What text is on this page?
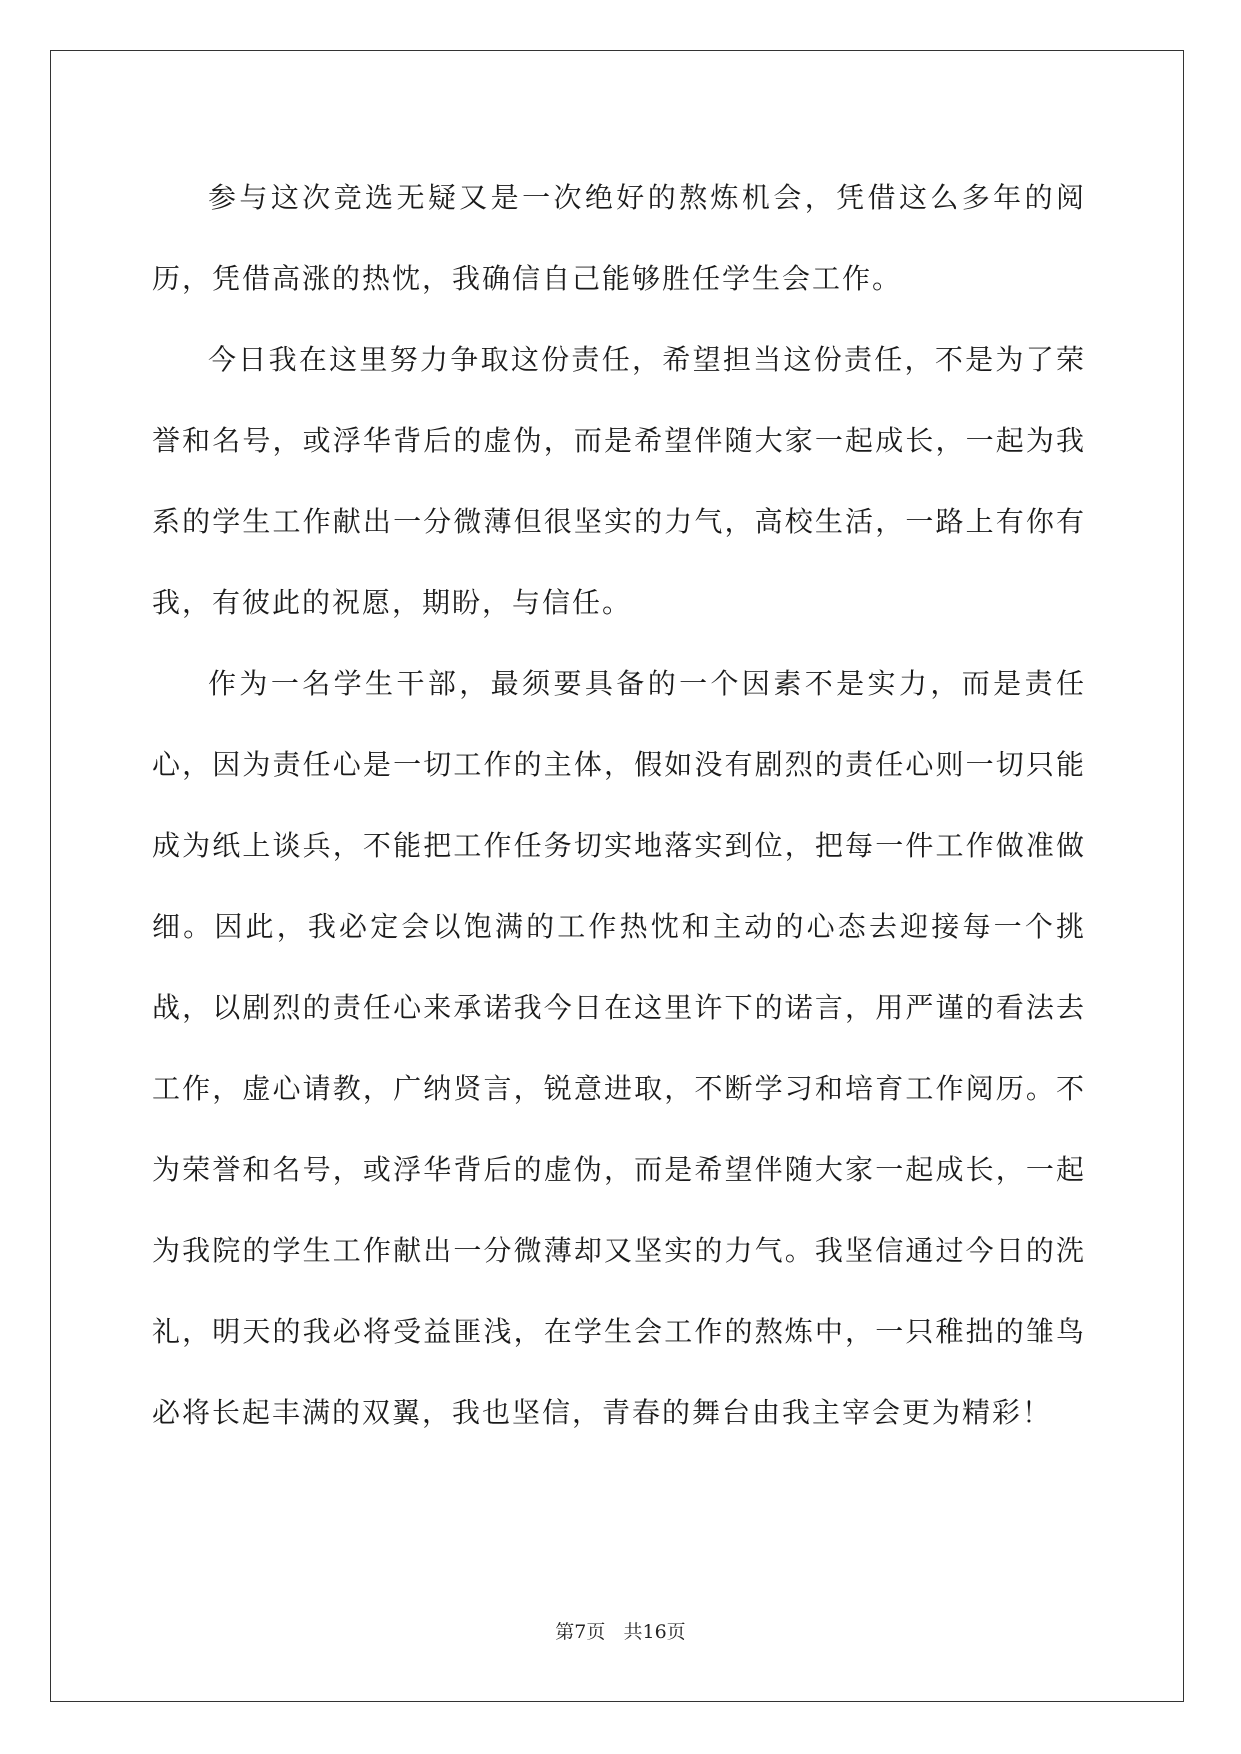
参与这次竞选无疑又是一次绝好的熬炼机会，凭借这么多年的阅历，凭借高涨的热忱，我确信自己能够胜任学生会工作。

今日我在这里努力争取这份责任，希望担当这份责任，不是为了荣誉和名号，或浮华背后的虚伪，而是希望伴随大家一起成长，一起为我系的学生工作献出一分微薄但很坚实的力气，高校生活，一路上有你有我，有彼此的祝愿，期盼，与信任。

作为一名学生干部，最须要具备的一个因素不是实力，而是责任心，因为责任心是一切工作的主体，假如没有剧烈的责任心则一切只能成为纸上谈兵，不能把工作任务切实地落实到位，把每一件工作做准做细。因此，我必定会以饱满的工作热忱和主动的心态去迎接每一个挑战，以剧烈的责任心来承诺我今日在这里许下的诺言，用严谨的看法去工作，虚心请教，广纳贤言，锐意进取，不断学习和培育工作阅历。不为荣誉和名号，或浮华背后的虚伪，而是希望伴随大家一起成长，一起为我院的学生工作献出一分微薄却又坚实的力气。我坚信通过今日的洗礼，明天的我必将受益匪浅，在学生会工作的熬炼中，一只稚拙的雏鸟必将长起丰满的双翼，我也坚信，青春的舞台由我主宰会更为精彩！

第7页   共16页
